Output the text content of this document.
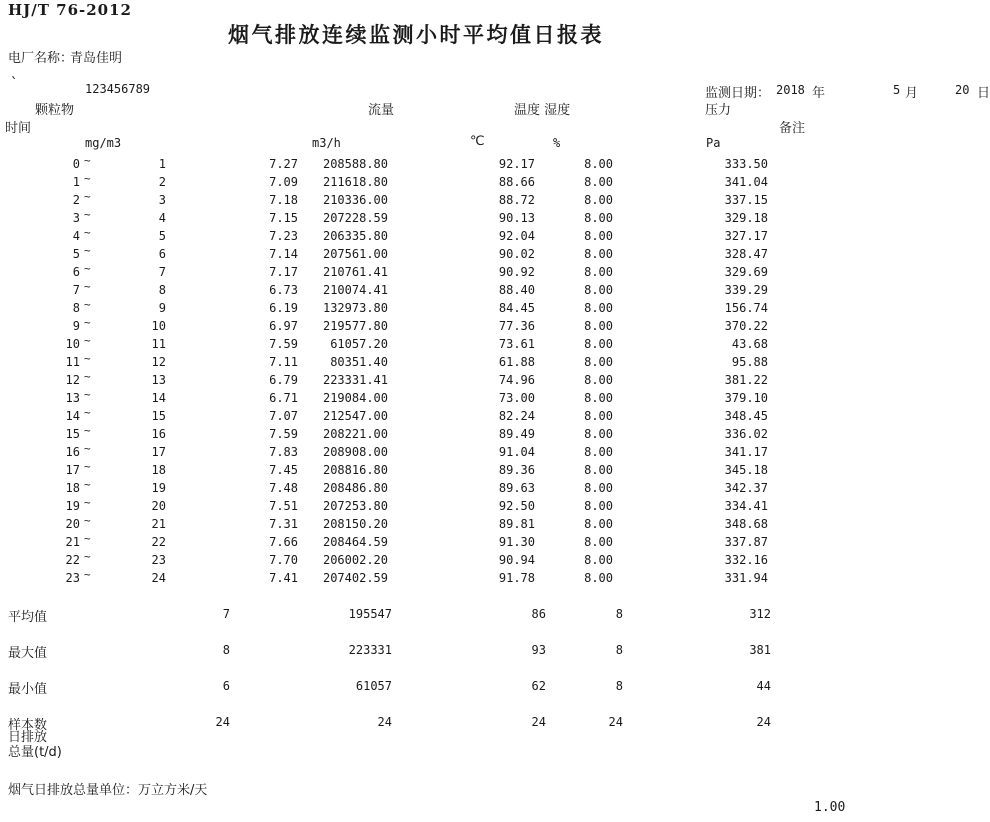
HJ/T 76-2012
烟气排放连续监测小时平均值日报表
电厂名称：
青岛佳明
`	123456789	监测日期： 2018 年	5 月	20 日
颗粒物	流量	温度 湿度	压力
时间	备注
mg/m3	m3/h	℃	%	Pa
0 ~	1	7.27	208588.80	92.17	8.00	333.50
1 ~	2	7.09	211618.80	88.66	8.00	341.04
2 ~	3	7.18	210336.00	88.72	8.00	337.15
3 ~	4	7.15	207228.59	90.13	8.00	329.18
4 ~	5	7.23	206335.80	92.04	8.00	327.17
5 ~	6	7.14	207561.00	90.02	8.00	328.47
6 ~	7	7.17	210761.41	90.92	8.00	329.69
7 ~	8	6.73	210074.41	88.40	8.00	339.29
8 ~	9	6.19	132973.80	84.45	8.00	156.74
9 ~	10	6.97	219577.80	77.36	8.00	370.22
10 ~	11	7.59	61057.20	73.61	8.00	43.68
11 ~	12	7.11	80351.40	61.88	8.00	95.88
12 ~	13	6.79	223331.41	74.96	8.00	381.22
13 ~	14	6.71	219084.00	73.00	8.00	379.10
14 ~	15	7.07	212547.00	82.24	8.00	348.45
15 ~	16	7.59	208221.00	89.49	8.00	336.02
16 ~	17	7.83	208908.00	91.04	8.00	341.17
17 ~	18	7.45	208816.80	89.36	8.00	345.18
18 ~	19	7.48	208486.80	89.63	8.00	342.37
19 ~	20	7.51	207253.80	92.50	8.00	334.41
20 ~	21	7.31	208150.20	89.81	8.00	348.68
21 ~	22	7.66	208464.59	91.30	8.00	337.87
22 ~	23	7.70	206002.20	90.94	8.00	332.16
23 ~	24	7.41	207402.59	91.78	8.00	331.94
平均值	7	195547	86	8	312
最大值	8	223331	93	8	381
最小值	6	61057	62	8	44
样本数	24	24	24	24	24
日排放
总量(t/d)
烟气日排放总量单位：万立方米/天
1.00
